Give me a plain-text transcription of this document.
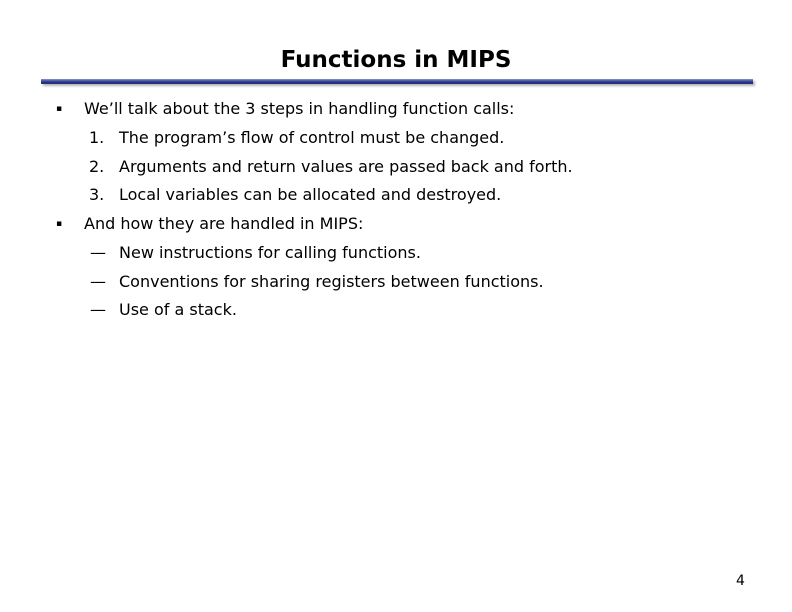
Functions in MIPS
▪ We’ll talk about the 3 steps in handling function calls:
1. The program’s flow of control must be changed.
2. Arguments and return values are passed back and forth.
3. Local variables can be allocated and destroyed.
▪ And how they are handled in MIPS:
— New instructions for calling functions.
— Conventions for sharing registers between functions.
— Use of a stack.
4
